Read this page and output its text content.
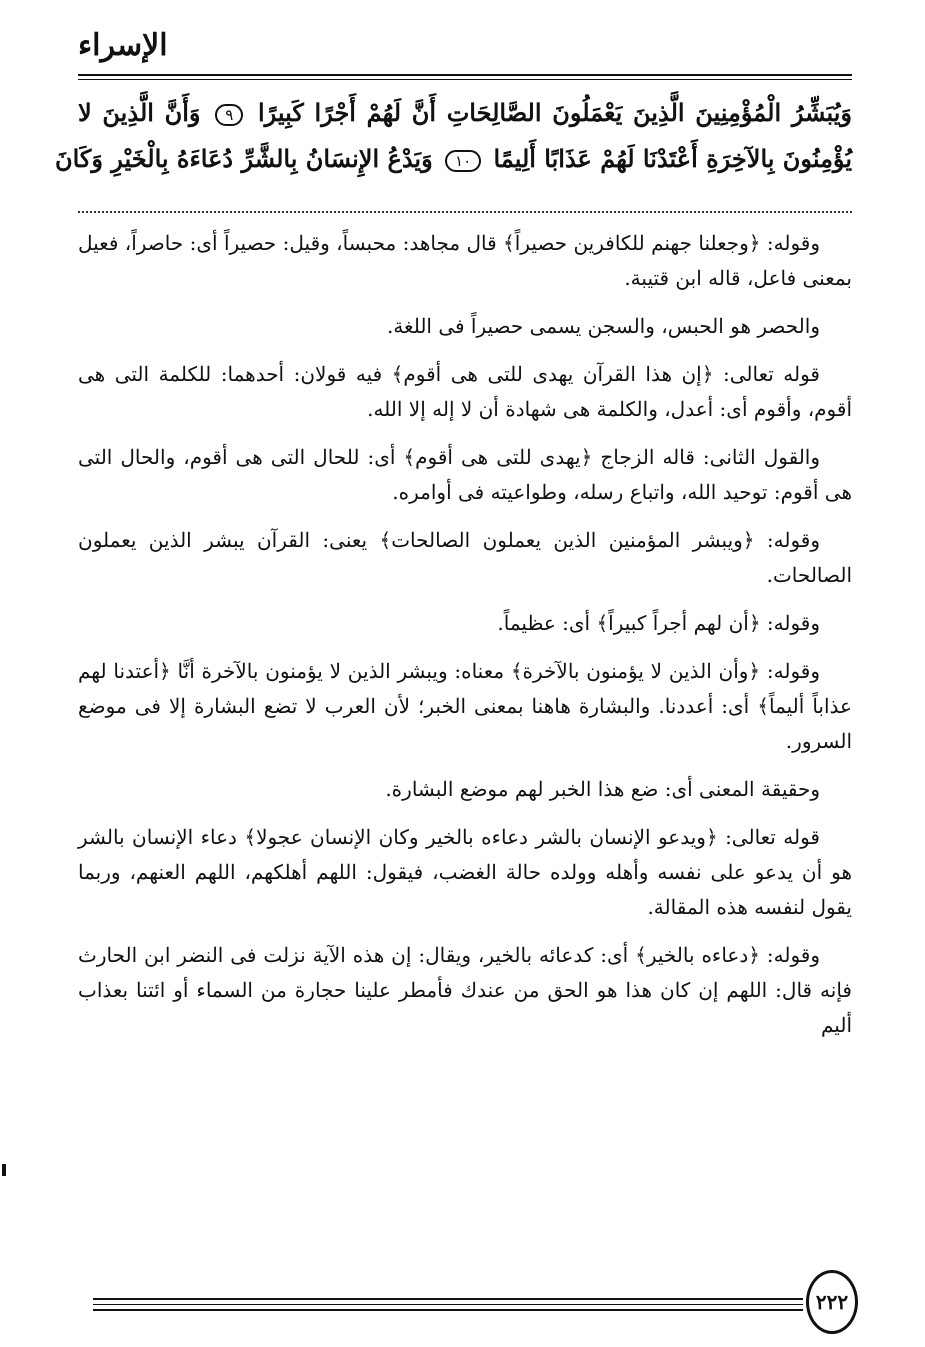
الإسراء
وَيُبَشِّرُ الْمُؤْمِنِينَ الَّذِينَ يَعْمَلُونَ الصَّالِحَاتِ أَنَّ لَهُمْ أَجْرًا كَبِيرًا ٩ وَأَنَّ الَّذِينَ لا
يُؤْمِنُونَ بِالآخِرَةِ أَعْتَدْنَا لَهُمْ عَذَابًا أَلِيمًا ١٠ وَيَدْعُ الإِنسَانُ بِالشَّرِّ دُعَاءَهُ بِالْخَيْرِ وَكَانَ

وقوله: ﴿وجعلنا جهنم للكافرين حصيراً﴾ قال مجاهد: محبساً، وقيل: حصيراً أى: حاصراً، فعيل بمعنى فاعل، قاله ابن قتيبة.

والحصر هو الحبس، والسجن يسمى حصيراً فى اللغة.

قوله تعالى: ﴿إن هذا القرآن يهدى للتى هى أقوم﴾ فيه قولان: أحدهما: للكلمة التى هى أقوم، وأقوم أى: أعدل، والكلمة هى شهادة أن لا إله إلا الله.

والقول الثانى: قاله الزجاج ﴿يهدى للتى هى أقوم﴾ أى: للحال التى هى أقوم، والحال التى هى أقوم: توحيد الله، واتباع رسله، وطواعيته فى أوامره.

وقوله: ﴿ويبشر المؤمنين الذين يعملون الصالحات﴾ يعنى: القرآن يبشر الذين يعملون الصالحات.

وقوله: ﴿أن لهم أجراً كبيراً﴾ أى: عظيماً.

وقوله: ﴿وأن الذين لا يؤمنون بالآخرة﴾ معناه: ويبشر الذين لا يؤمنون بالآخرة أنَّا ﴿أعتدنا لهم عذاباً أليماً﴾ أى: أعددنا. والبشارة هاهنا بمعنى الخبر؛ لأن العرب لا تضع البشارة إلا فى موضع السرور.

وحقيقة المعنى أى: ضع هذا الخبر لهم موضع البشارة.

قوله تعالى: ﴿ويدعو الإنسان بالشر دعاءه بالخير وكان الإنسان عجولا﴾ دعاء الإنسان بالشر هو أن يدعو على نفسه وأهله وولده حالة الغضب، فيقول: اللهم أهلكهم، اللهم العنهم، وربما يقول لنفسه هذه المقالة.

وقوله: ﴿دعاءه بالخير﴾ أى: كدعائه بالخير، ويقال: إن هذه الآية نزلت فى النضر ابن الحارث فإنه قال: اللهم إن كان هذا هو الحق من عندك فأمطر علينا حجارة من السماء أو ائتنا بعذاب أليم

٢٢٢
